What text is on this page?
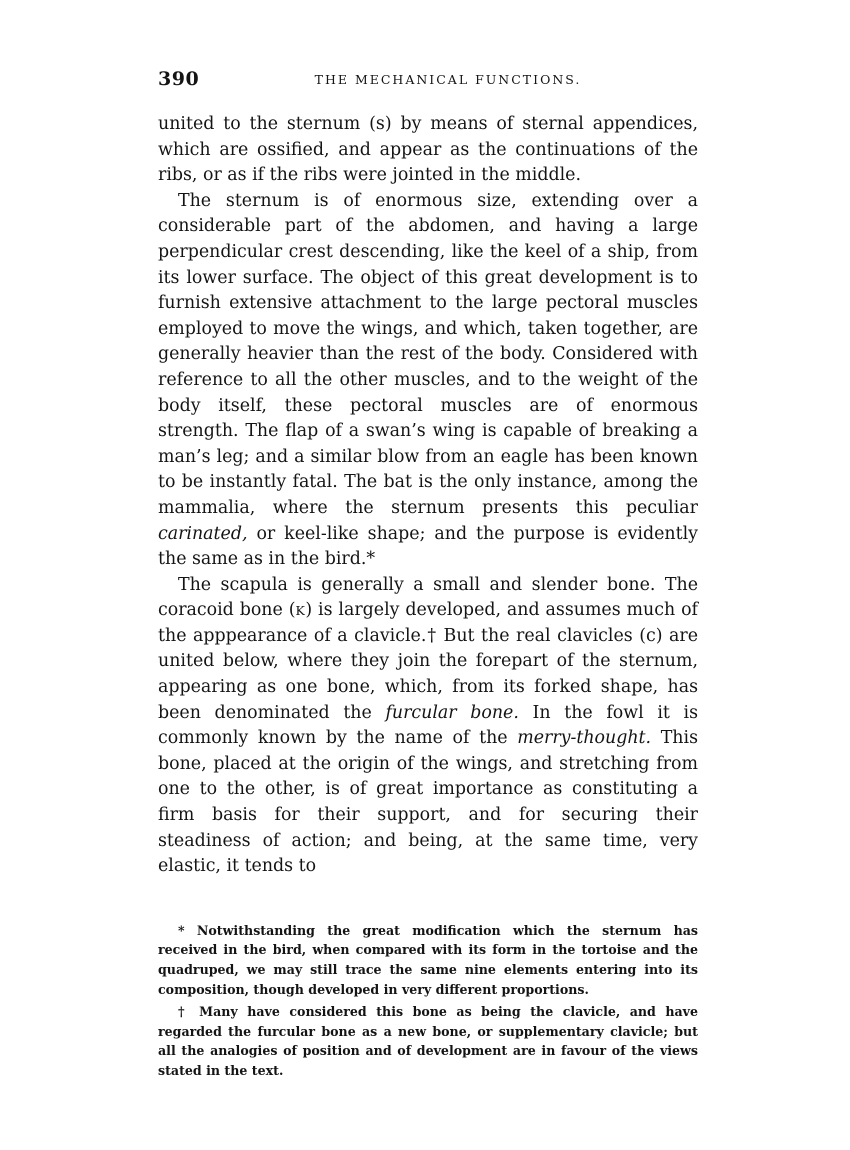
390	THE MECHANICAL FUNCTIONS.

united to the sternum (s) by means of sternal appendices, which are ossified, and appear as the continuations of the ribs, or as if the ribs were jointed in the middle.

The sternum is of enormous size, extending over a considerable part of the abdomen, and having a large perpendicular crest descending, like the keel of a ship, from its lower surface. The object of this great development is to furnish extensive attachment to the large pectoral muscles employed to move the wings, and which, taken together, are generally heavier than the rest of the body. Considered with reference to all the other muscles, and to the weight of the body itself, these pectoral muscles are of enormous strength. The flap of a swan’s wing is capable of breaking a man’s leg; and a similar blow from an eagle has been known to be instantly fatal. The bat is the only instance, among the mammalia, where the sternum presents this peculiar carinated, or keel-like shape; and the purpose is evidently the same as in the bird.*

The scapula is generally a small and slender bone. The coracoid bone (K) is largely developed, and assumes much of the apppearance of a clavicle.† But the real clavicles (c) are united below, where they join the forepart of the sternum, appearing as one bone, which, from its forked shape, has been denominated the furcular bone. In the fowl it is commonly known by the name of the merry-thought. This bone, placed at the origin of the wings, and stretching from one to the other, is of great importance as constituting a firm basis for their support, and for securing their steadiness of action; and being, at the same time, very elastic, it tends to

* Notwithstanding the great modification which the sternum has received in the bird, when compared with its form in the tortoise and the quadruped, we may still trace the same nine elements entering into its composition, though developed in very different proportions.

† Many have considered this bone as being the clavicle, and have regarded the furcular bone as a new bone, or supplementary clavicle; but all the analogies of position and of development are in favour of the views stated in the text.
